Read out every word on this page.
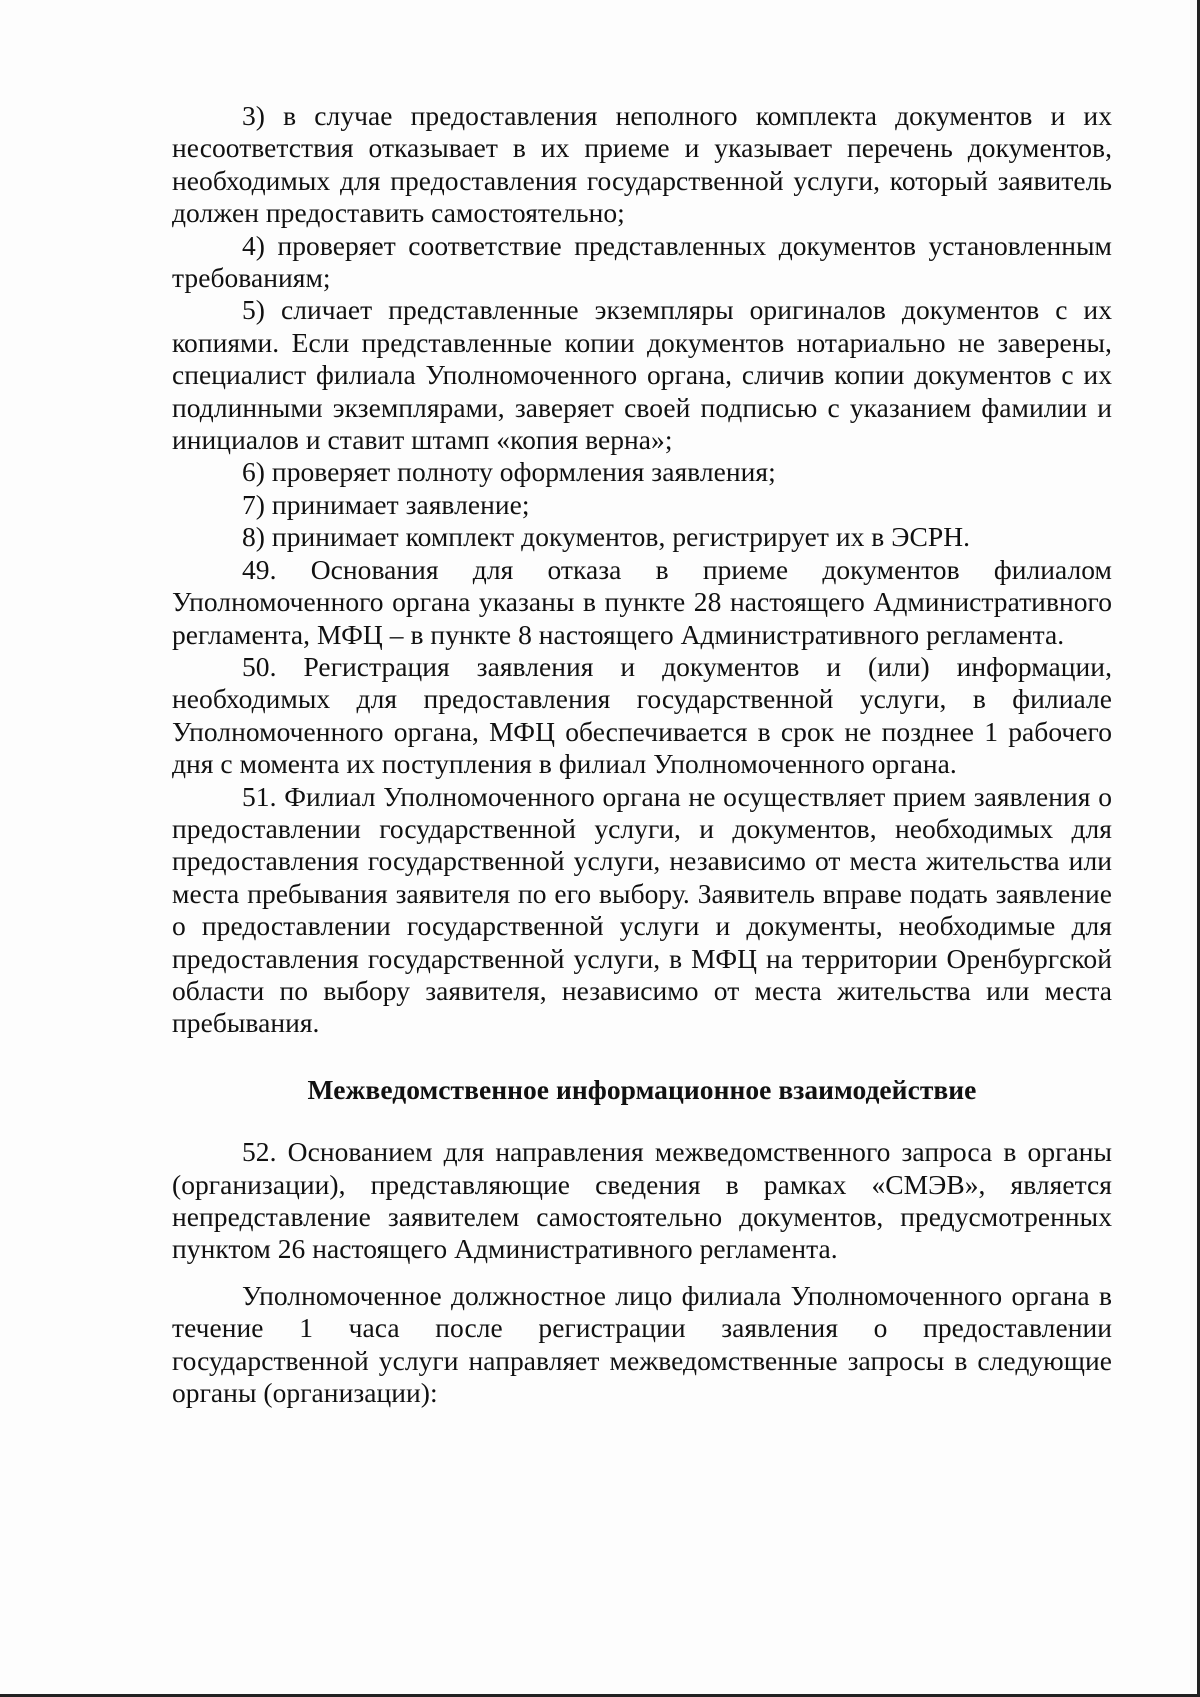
3) в случае предоставления неполного комплекта документов и их несоответствия отказывает в их приеме и указывает перечень документов, необходимых для предоставления государственной услуги, который заявитель должен предоставить самостоятельно;

4) проверяет соответствие представленных документов установленным требованиям;

5) сличает представленные экземпляры оригиналов документов с их копиями. Если представленные копии документов нотариально не заверены, специалист филиала Уполномоченного органа, сличив копии документов с их подлинными экземплярами, заверяет своей подписью с указанием фамилии и инициалов и ставит штамп «копия верна»;

6) проверяет полноту оформления заявления;

7) принимает заявление;

8) принимает комплект документов, регистрирует их в ЭСРН.

49. Основания для отказа в приеме документов филиалом Уполномоченного органа указаны в пункте 28 настоящего Административного регламента, МФЦ – в пункте 8 настоящего Административного регламента.

50. Регистрация заявления и документов и (или) информации, необходимых для предоставления государственной услуги, в филиале Уполномоченного органа, МФЦ обеспечивается в срок не позднее 1 рабочего дня с момента их поступления в филиал Уполномоченного органа.

51. Филиал Уполномоченного органа не осуществляет прием заявления о предоставлении государственной услуги, и документов, необходимых для предоставления государственной услуги, независимо от места жительства или места пребывания заявителя по его выбору. Заявитель вправе подать заявление о предоставлении государственной услуги и документы, необходимые для предоставления государственной услуги, в МФЦ на территории Оренбургской области по выбору заявителя, независимо от места жительства или места пребывания.

Межведомственное информационное взаимодействие

52. Основанием для направления межведомственного запроса в органы (организации), представляющие сведения в рамках «СМЭВ», является непредставление заявителем самостоятельно документов, предусмотренных пунктом 26 настоящего Административного регламента.

Уполномоченное должностное лицо филиала Уполномоченного органа в течение 1 часа после регистрации заявления о предоставлении государственной услуги направляет межведомственные запросы в следующие органы (организации):
